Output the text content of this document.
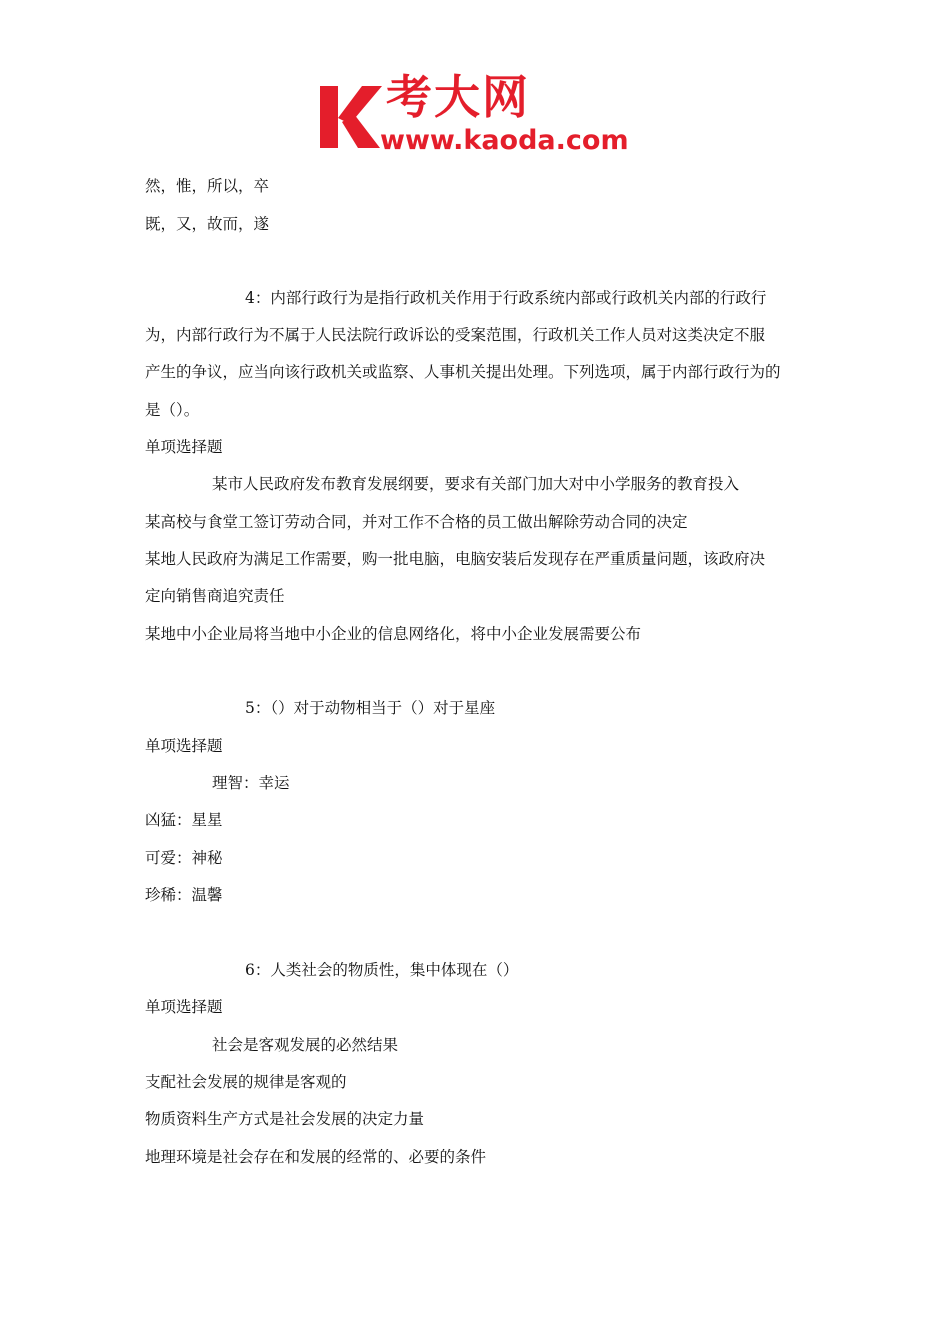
考大网
www.kaoda.com

然，惟，所以，卒

既，又，故而，遂

4：内部行政行为是指行政机关作用于行政系统内部或行政机关内部的行政行

为，内部行政行为不属于人民法院行政诉讼的受案范围，行政机关工作人员对这类决定不服

产生的争议，应当向该行政机关或监察、人事机关提出处理。下列选项，属于内部行政行为的

是（）。

单项选择题

某市人民政府发布教育发展纲要，要求有关部门加大对中小学服务的教育投入

某高校与食堂工签订劳动合同，并对工作不合格的员工做出解除劳动合同的决定

某地人民政府为满足工作需要，购一批电脑，电脑安装后发现存在严重质量问题，该政府决

定向销售商追究责任

某地中小企业局将当地中小企业的信息网络化，将中小企业发展需要公布

5：（）对于动物相当于（）对于星座

单项选择题

理智：幸运

凶猛：星星

可爱：神秘

珍稀：温馨

6：人类社会的物质性，集中体现在（）

单项选择题

社会是客观发展的必然结果

支配社会发展的规律是客观的

物质资料生产方式是社会发展的决定力量

地理环境是社会存在和发展的经常的、必要的条件
